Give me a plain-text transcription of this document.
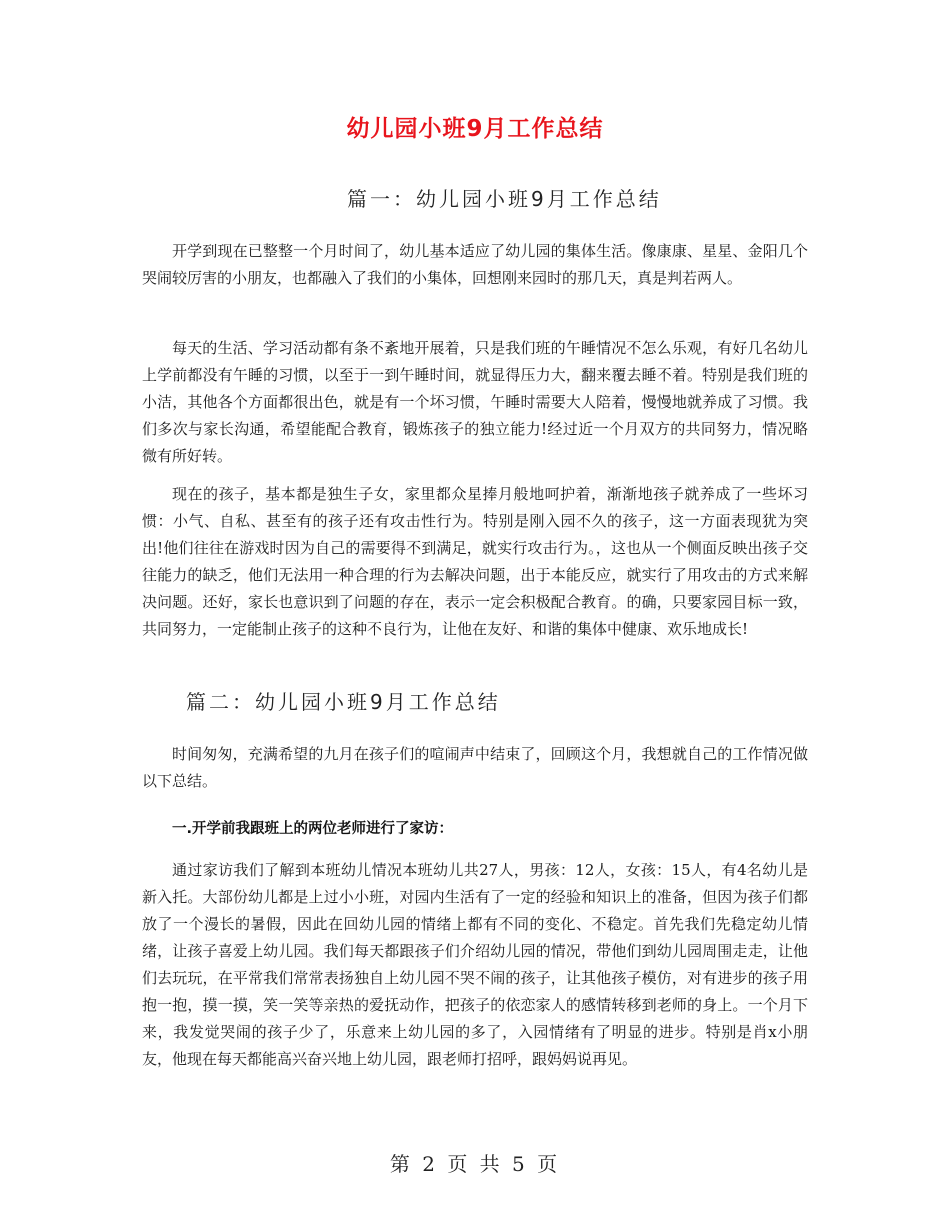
幼儿园小班9月工作总结
篇一：幼儿园小班9月工作总结

开学到现在已整整一个月时间了，幼儿基本适应了幼儿园的集体生活。像康康、星星、金阳几个哭闹较厉害的小朋友，也都融入了我们的小集体，回想刚来园时的那几天，真是判若两人。

每天的生活、学习活动都有条不紊地开展着，只是我们班的午睡情况不怎么乐观，有好几名幼儿上学前都没有午睡的习惯，以至于一到午睡时间，就显得压力大，翻来覆去睡不着。特别是我们班的小洁，其他各个方面都很出色，就是有一个坏习惯，午睡时需要大人陪着，慢慢地就养成了习惯。我们多次与家长沟通，希望能配合教育，锻炼孩子的独立能力!经过近一个月双方的共同努力，情况略微有所好转。

现在的孩子，基本都是独生子女，家里都众星捧月般地呵护着，渐渐地孩子就养成了一些坏习惯：小气、自私、甚至有的孩子还有攻击性行为。特别是刚入园不久的孩子，这一方面表现犹为突出!他们往往在游戏时因为自己的需要得不到满足，就实行攻击行为。，这也从一个侧面反映出孩子交往能力的缺乏，他们无法用一种合理的行为去解决问题，出于本能反应，就实行了用攻击的方式来解决问题。还好，家长也意识到了问题的存在，表示一定会积极配合教育。的确，只要家园目标一致，共同努力，一定能制止孩子的这种不良行为，让他在友好、和谐的集体中健康、欢乐地成长!

篇二：幼儿园小班9月工作总结

时间匆匆，充满希望的九月在孩子们的喧闹声中结束了，回顾这个月，我想就自己的工作情况做以下总结。

一.开学前我跟班上的两位老师进行了家访：

通过家访我们了解到本班幼儿情况本班幼儿共27人，男孩：12人，女孩：15人，有4名幼儿是新入托。大部份幼儿都是上过小小班，对园内生活有了一定的经验和知识上的准备，但因为孩子们都放了一个漫长的暑假，因此在回幼儿园的情绪上都有不同的变化、不稳定。首先我们先稳定幼儿情绪，让孩子喜爱上幼儿园。我们每天都跟孩子们介绍幼儿园的情况，带他们到幼儿园周围走走，让他们去玩玩，在平常我们常常表扬独自上幼儿园不哭不闹的孩子，让其他孩子模仿，对有进步的孩子用抱一抱，摸一摸，笑一笑等亲热的爱抚动作，把孩子的依恋家人的感情转移到老师的身上。一个月下来，我发觉哭闹的孩子少了，乐意来上幼儿园的多了，入园情绪有了明显的进步。特别是肖x小朋友，他现在每天都能高兴奋兴地上幼儿园，跟老师打招呼，跟妈妈说再见。

第 2 页 共 5 页
